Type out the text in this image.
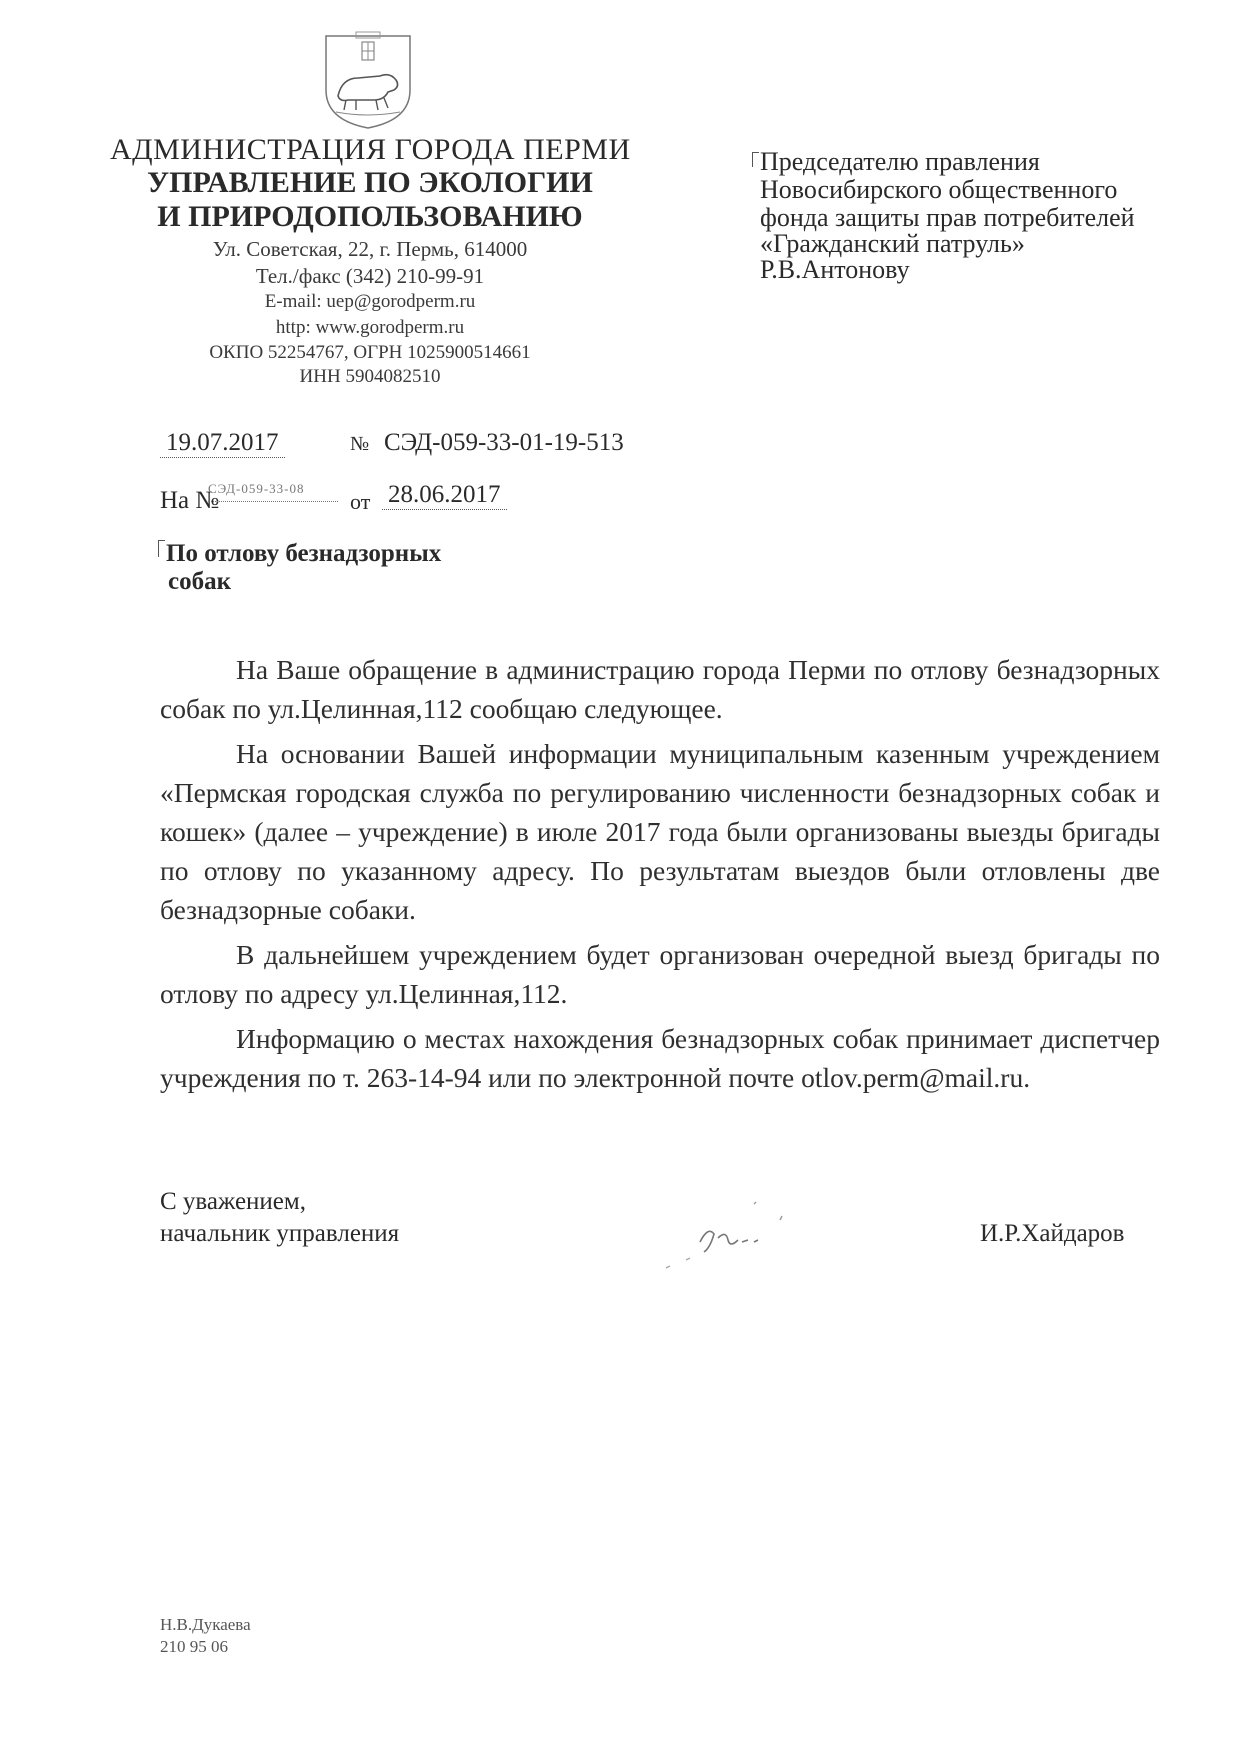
АДМИНИСТРАЦИЯ ГОРОДА ПЕРМИ
УПРАВЛЕНИЕ ПО ЭКОЛОГИИ
И ПРИРОДОПОЛЬЗОВАНИЮ
Ул. Советская, 22, г. Пермь, 614000
Тел./факс (342) 210-99-91
E-mail: uep@gorodperm.ru
http: www.gorodperm.ru
ОКПО 52254767, ОГРН 1025900514661
ИНН 5904082510
Председателю правления
Новосибирского общественного
фонда защиты прав потребителей
«Гражданский патруль»
Р.В.Антонову
19.07.2017	№ СЭД-059-33-01-19-513
На №
СЭД-059-33-08
от 28.06.2017
По отлову безнадзорных
собак

На Ваше обращение в администрацию города Перми по отлову безнадзорных собак по ул.Целинная,112 сообщаю следующее.

На основании Вашей информации муниципальным казенным учреждением «Пермская городская служба по регулированию численности безнадзорных собак и кошек» (далее – учреждение) в июле 2017 года были организованы выезды бригады по отлову по указанному адресу. По результатам выездов были отловлены две безнадзорные собаки.

В дальнейшем учреждением будет организован очередной выезд бригады по отлову по адресу ул.Целинная,112.

Информацию о местах нахождения безнадзорных собак принимает диспетчер учреждения по т. 263-14-94 или по электронной почте otlov.perm@mail.ru.

С уважением,
начальник управления	И.Р.Хайдаров
Н.В.Дукаева
210 95 06
